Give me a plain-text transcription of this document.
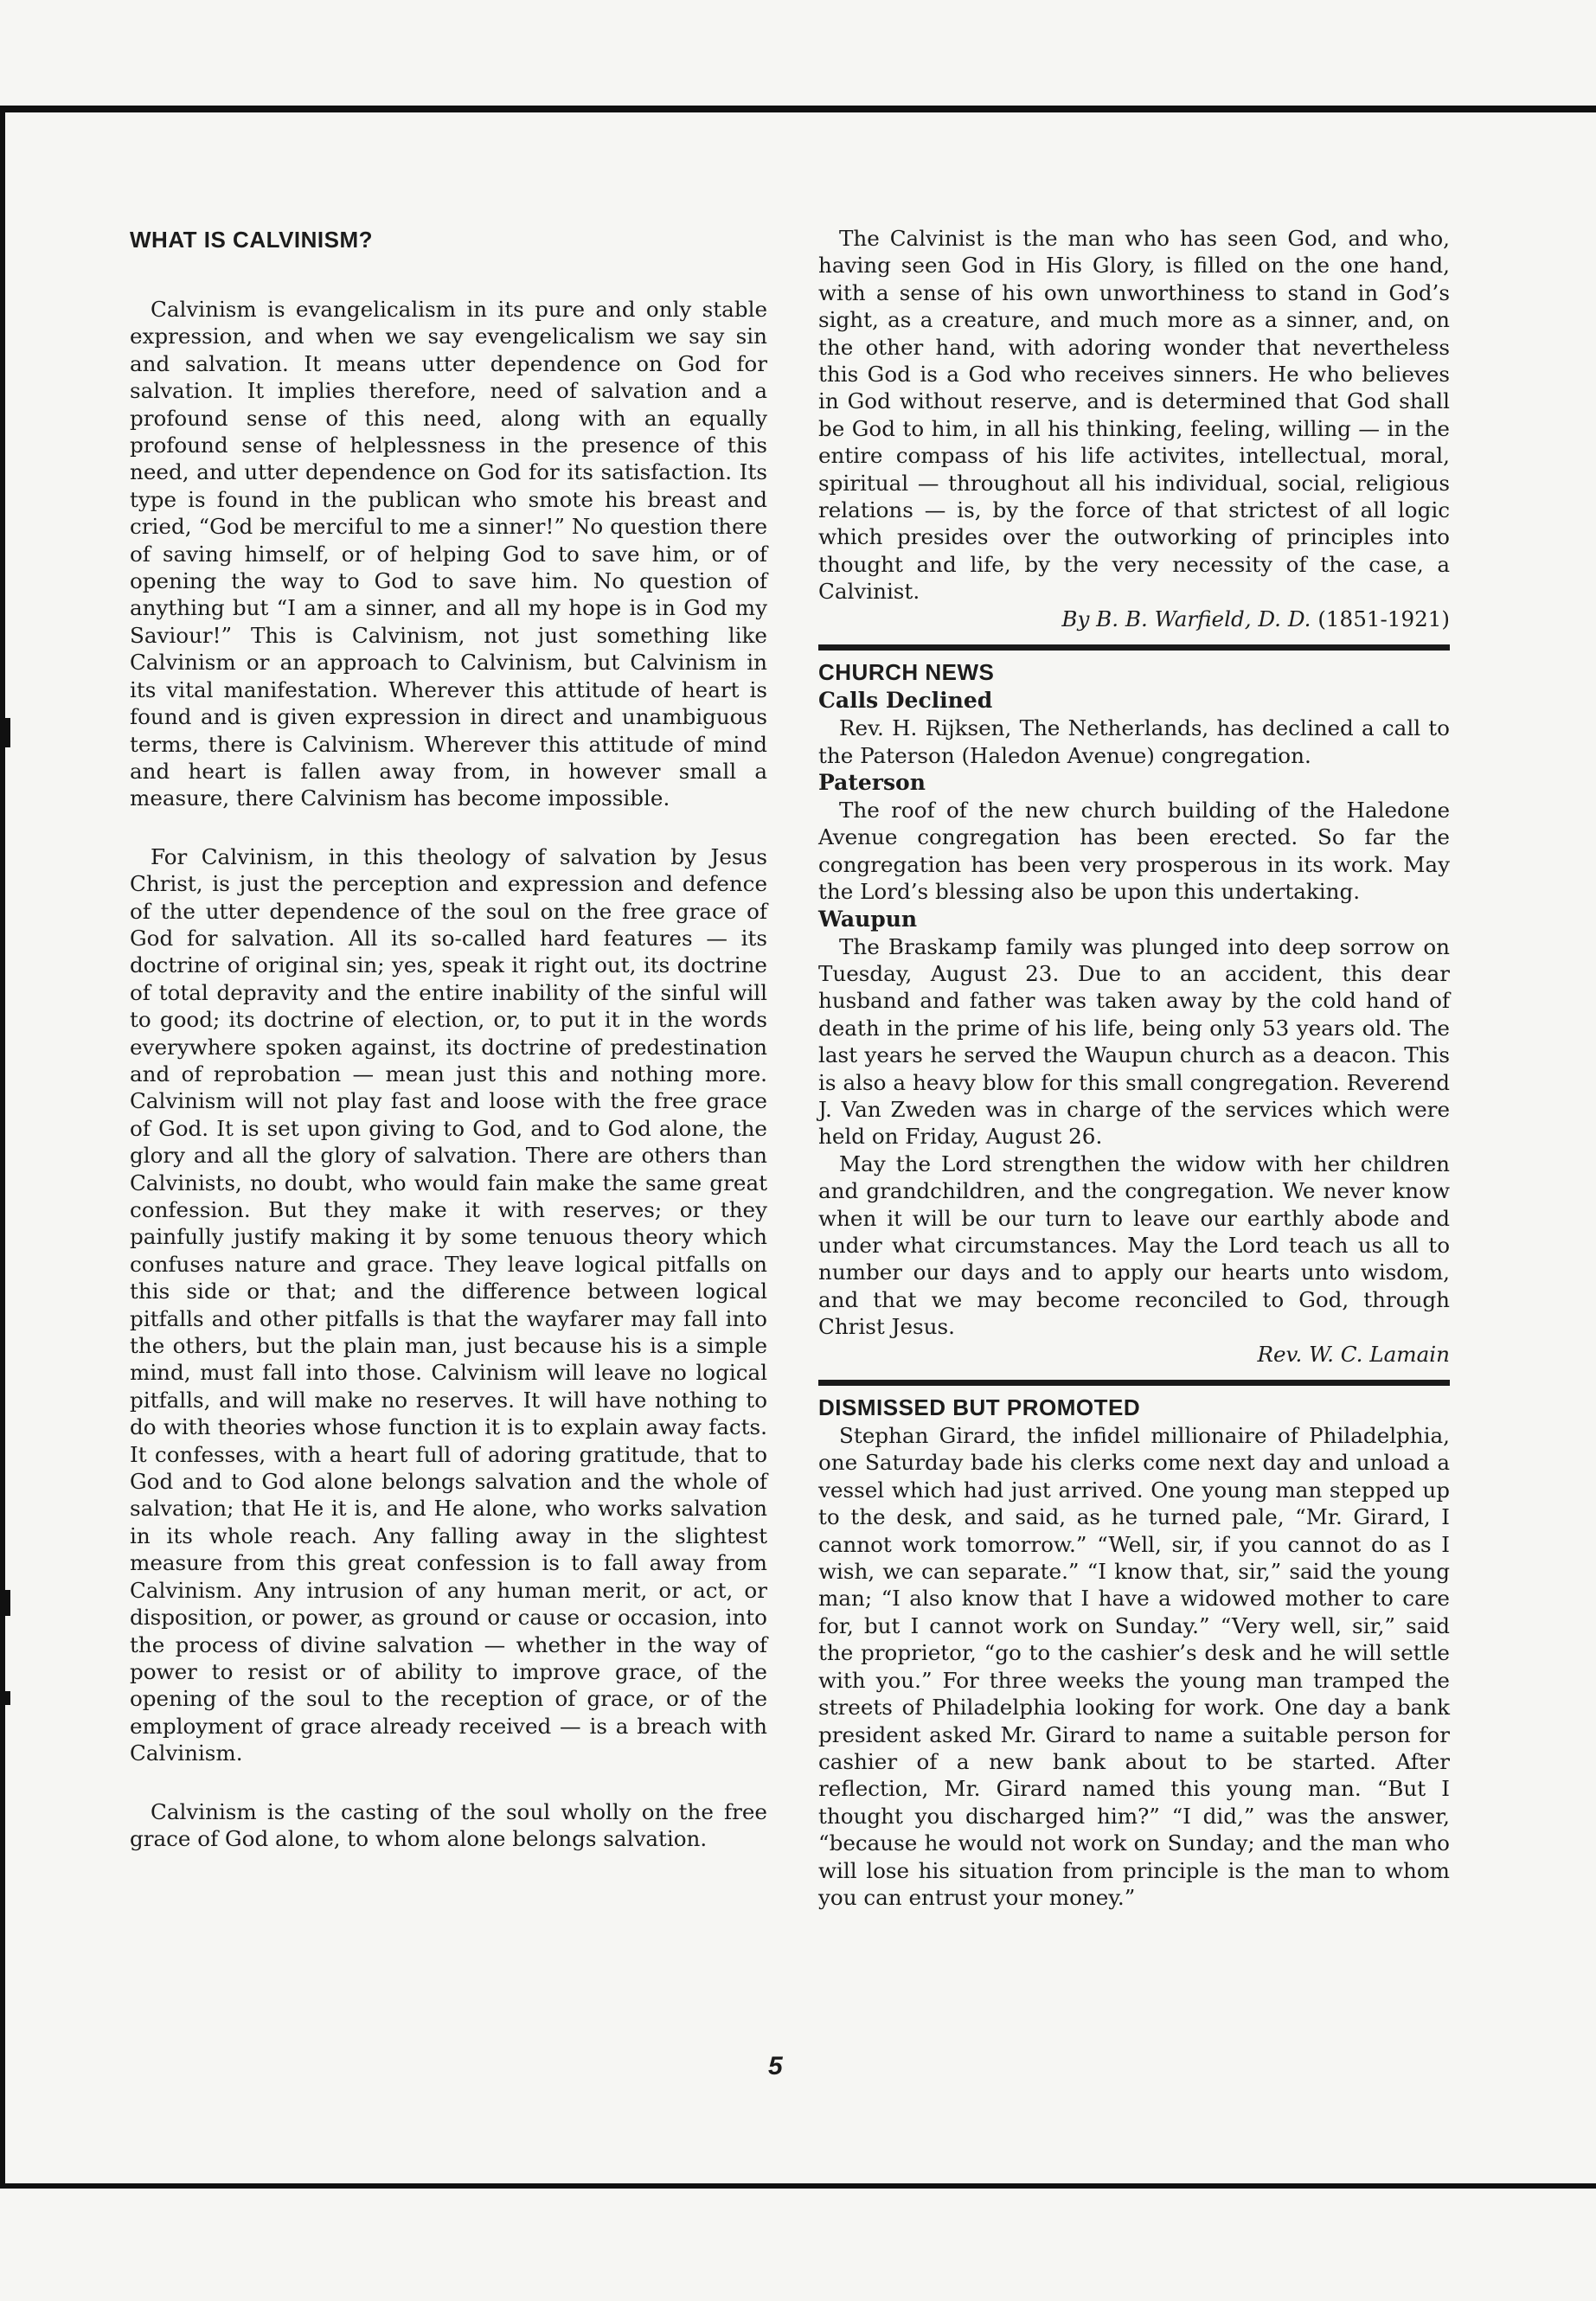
WHAT IS CALVINISM?

Calvinism is evangelicalism in its pure and only stable expression, and when we say evengelicalism we say sin and salvation. It means utter dependence on God for salvation. It implies therefore, need of salvation and a profound sense of this need, along with an equally profound sense of helplessness in the presence of this need, and utter dependence on God for its satisfaction. Its type is found in the publican who smote his breast and cried, “God be merciful to me a sinner!” No question there of saving himself, or of helping God to save him, or of opening the way to God to save him. No question of anything but “I am a sinner, and all my hope is in God my Saviour!” This is Calvinism, not just something like Calvinism or an approach to Calvinism, but Calvinism in its vital manifestation. Wherever this attitude of heart is found and is given expression in direct and unambiguous terms, there is Calvinism. Wherever this attitude of mind and heart is fallen away from, in however small a measure, there Calvinism has become impossible.

For Calvinism, in this theology of salvation by Jesus Christ, is just the perception and expression and defence of the utter dependence of the soul on the free grace of God for salvation. All its so-called hard features — its doctrine of original sin; yes, speak it right out, its doctrine of total depravity and the entire inability of the sinful will to good; its doctrine of election, or, to put it in the words everywhere spoken against, its doctrine of predestination and of reprobation — mean just this and nothing more. Calvinism will not play fast and loose with the free grace of God. It is set upon giving to God, and to God alone, the glory and all the glory of salvation. There are others than Calvinists, no doubt, who would fain make the same great confession. But they make it with reserves; or they painfully justify making it by some tenuous theory which confuses nature and grace. They leave logical pitfalls on this side or that; and the difference between logical pitfalls and other pitfalls is that the wayfarer may fall into the others, but the plain man, just because his is a simple mind, must fall into those. Calvinism will leave no logical pitfalls, and will make no reserves. It will have nothing to do with theories whose function it is to explain away facts. It confesses, with a heart full of adoring gratitude, that to God and to God alone belongs salvation and the whole of salvation; that He it is, and He alone, who works salvation in its whole reach. Any falling away in the slightest measure from this great confession is to fall away from Calvinism. Any intrusion of any human merit, or act, or disposition, or power, as ground or cause or occasion, into the process of divine salvation — whether in the way of power to resist or of ability to improve grace, of the opening of the soul to the reception of grace, or of the employment of grace already received — is a breach with Calvinism.

Calvinism is the casting of the soul wholly on the free grace of God alone, to whom alone belongs salvation.

The Calvinist is the man who has seen God, and who, having seen God in His Glory, is filled on the one hand, with a sense of his own unworthiness to stand in God’s sight, as a creature, and much more as a sinner, and, on the other hand, with adoring wonder that nevertheless this God is a God who receives sinners. He who believes in God without reserve, and is determined that God shall be God to him, in all his thinking, feeling, willing — in the entire compass of his life activites, intellectual, moral, spiritual — throughout all his individual, social, religious relations — is, by the force of that strictest of all logic which presides over the outworking of principles into thought and life, by the very necessity of the case, a Calvinist.

By B. B. Warfield, D. D. (1851-1921)

CHURCH NEWS
Calls Declined

Rev. H. Rijksen, The Netherlands, has declined a call to the Paterson (Haledon Avenue) congregation.

Paterson

The roof of the new church building of the Haledone Avenue congregation has been erected. So far the congregation has been very prosperous in its work. May the Lord’s blessing also be upon this undertaking.

Waupun

The Braskamp family was plunged into deep sorrow on Tuesday, August 23. Due to an accident, this dear husband and father was taken away by the cold hand of death in the prime of his life, being only 53 years old. The last years he served the Waupun church as a deacon. This is also a heavy blow for this small congregation. Reverend J. Van Zweden was in charge of the services which were held on Friday, August 26.

May the Lord strengthen the widow with her children and grandchildren, and the congregation. We never know when it will be our turn to leave our earthly abode and under what circumstances. May the Lord teach us all to number our days and to apply our hearts unto wisdom, and that we may become reconciled to God, through Christ Jesus.

Rev. W. C. Lamain

DISMISSED BUT PROMOTED

Stephan Girard, the infidel millionaire of Philadelphia, one Saturday bade his clerks come next day and unload a vessel which had just arrived. One young man stepped up to the desk, and said, as he turned pale, “Mr. Girard, I cannot work tomorrow.” “Well, sir, if you cannot do as I wish, we can separate.” “I know that, sir,” said the young man; “I also know that I have a widowed mother to care for, but I cannot work on Sunday.” “Very well, sir,” said the proprietor, “go to the cashier’s desk and he will settle with you.” For three weeks the young man tramped the streets of Philadelphia looking for work. One day a bank president asked Mr. Girard to name a suitable person for cashier of a new bank about to be started. After reflection, Mr. Girard named this young man. “But I thought you discharged him?” “I did,” was the answer, “because he would not work on Sunday; and the man who will lose his situation from principle is the man to whom you can entrust your money.”

5
